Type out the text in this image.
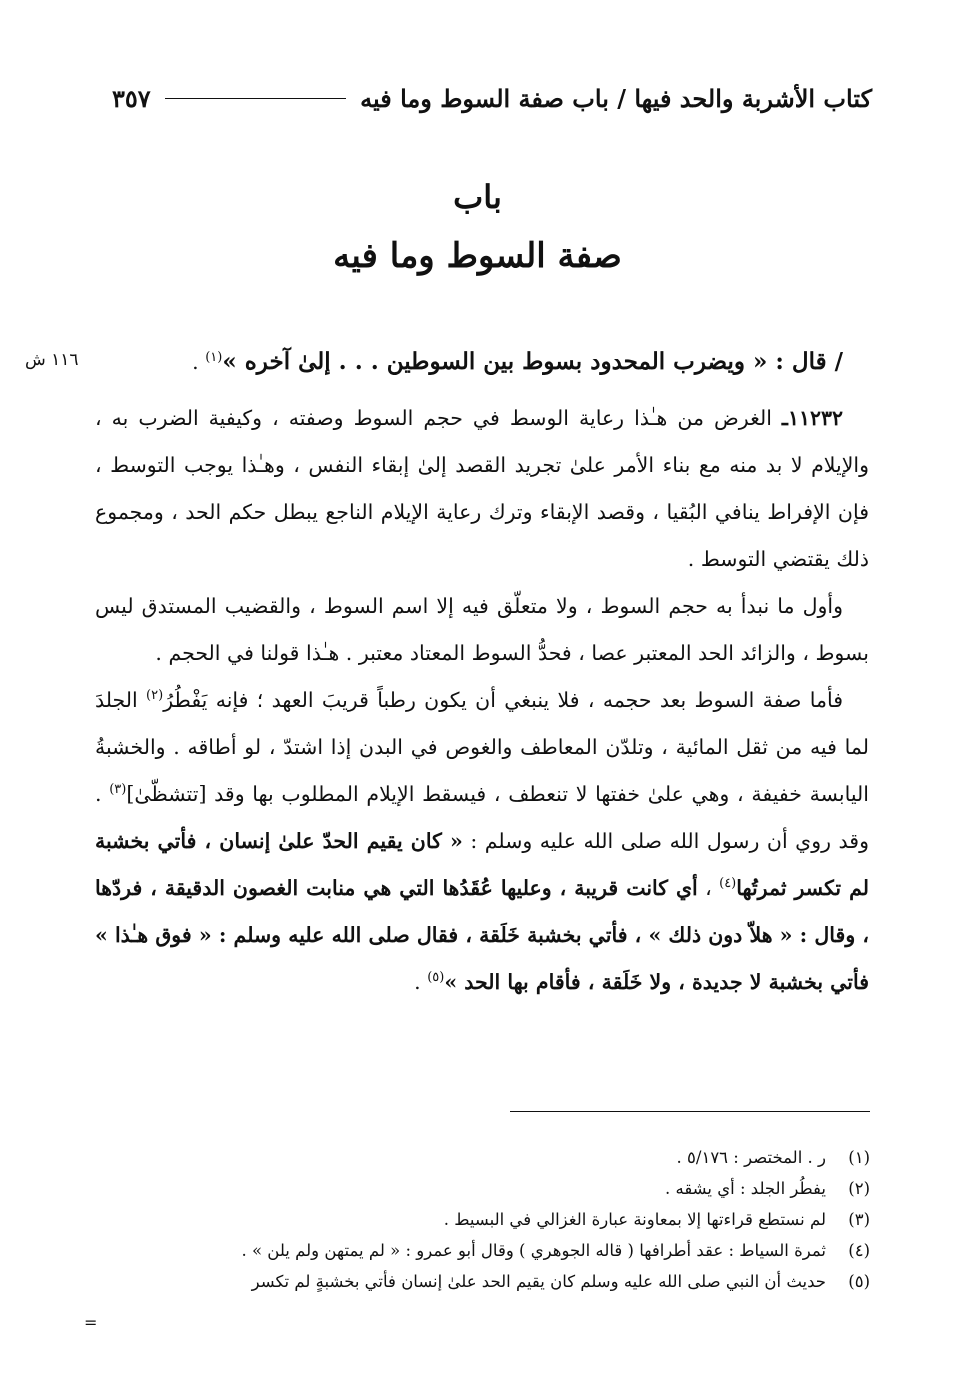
كتاب الأشربة والحد فيها / باب صفة السوط وما فيه
٣٥٧
باب
صفة السوط وما فيه
١١٦ ش	/ قال : « ويضرب المحدود بسوط بين السوطين . . . إلىٰ آخره »$^{(١)}$ .

١١٢٣٢ـ الغرض من هـٰذا رعاية الوسط في حجم السوط وصفته ، وكيفية الضرب به ، والإيلام لا بد منه مع بناء الأمر علىٰ تجريد القصد إلىٰ إبقاء النفس ، وهـٰذا يوجب التوسط ، فإن الإفراط ينافي البُقيا ، وقصد الإبقاء وترك رعاية الإيلام الناجع يبطل حكم الحد ، ومجموع ذلك يقتضي التوسط .

وأول ما نبدأ به حجم السوط ، ولا متعلّق فيه إلا اسم السوط ، والقضيب المستدق ليس بسوط ، والزائد الحد المعتبر عصا ، فحدُّ السوط المعتاد معتبر . هـٰذا قولنا في الحجم .

فأما صفة السوط بعد حجمه ، فلا ينبغي أن يكون رطباً قريبَ العهد ؛ فإنه يَفْطُرُ$^{(٢)}$ الجلدَ لما فيه من ثقل المائية ، وتلدّن المعاطف والغوص في البدن إذا اشتدّ ، لو أطاقه . والخشبةُ اليابسة خفيفة ، وهي علىٰ خفتها لا تنعطف ، فيسقط الإيلام المطلوب بها وقد [تتشظّىٰ]$^{(٣)}$ . وقد روي أن رسول الله صلى الله عليه وسلم : « كان يقيم الحدّ علىٰ إنسان ، فأتي بخشبة لم تكسر ثمرتُها$^{(٤)}$ ، أي كانت قريبة ، وعليها عُقَدُها التي هي منابت الغصون الدقيقة ، فردّها ، وقال : « هلاّ دون ذلك » ، فأتي بخشبة خَلَقة ، فقال صلى الله عليه وسلم : « فوق هـٰذا » فأتي بخشبة لا جديدة ، ولا خَلَقة ، فأقام بها الحد »$^{(٥)}$ .

(١)
ر . المختصر : ٥/١٧٦ .
(٢)
يفطُر الجلد : أي يشقه .
(٣)
لم نستطع قراءتها إلا بمعاونة عبارة الغزالي في البسيط .
(٤)
ثمرة السياط : عقد أطرافها ( قاله الجوهري ) وقال أبو عمرو : « لم يمتهن ولم يلن » .
(٥)
حديث أن النبي صلى الله عليه وسلم كان يقيم الحد علىٰ إنسان فأتي بخشبةٍ لم تكسر
=
